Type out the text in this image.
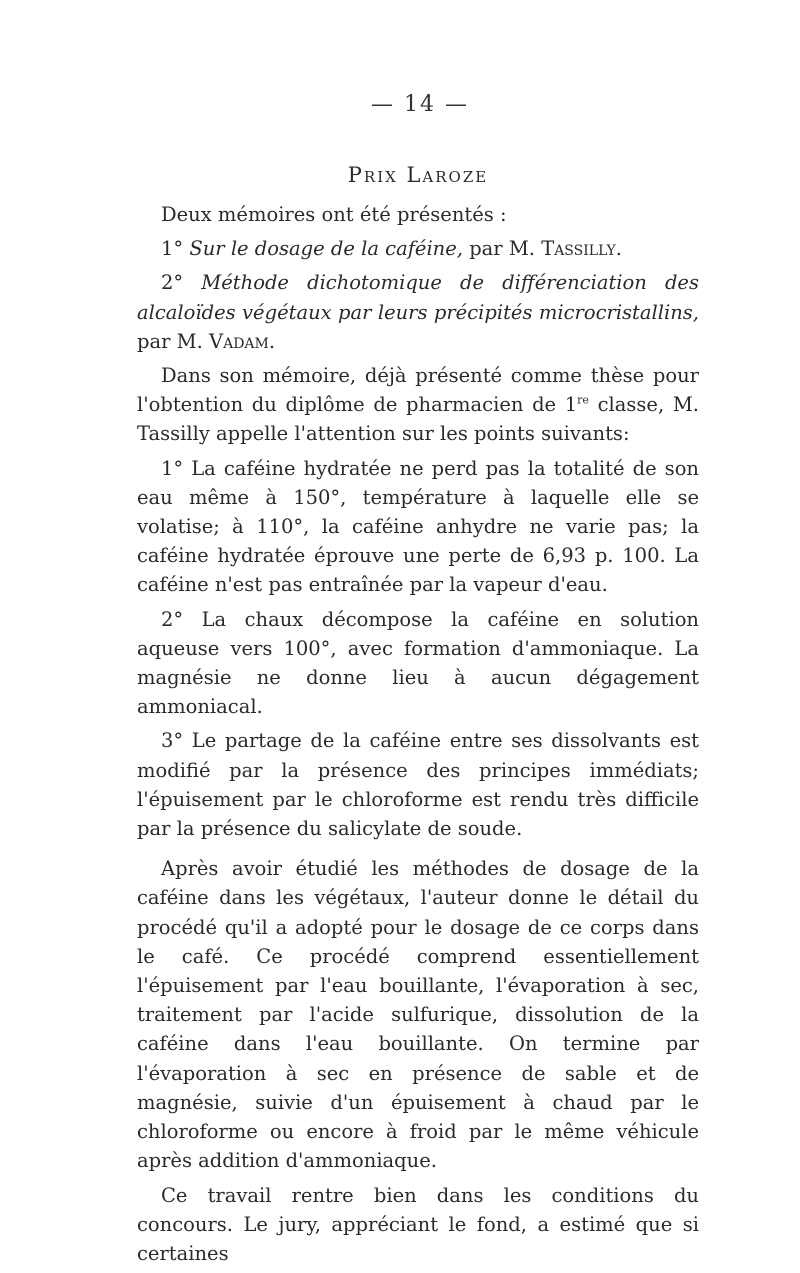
— 14 —
Prix Laroze

Deux mémoires ont été présentés :

1° Sur le dosage de la caféine, par M. Tassilly.

2° Méthode dichotomique de différenciation des alcaloïdes végétaux par leurs précipités microcristallins, par M. Vadam.

Dans son mémoire, déjà présenté comme thèse pour l'obtention du diplôme de pharmacien de 1re classe, M. Tassilly appelle l'attention sur les points suivants:

1° La caféine hydratée ne perd pas la totalité de son eau même à 150°, température à laquelle elle se volatise; à 110°, la caféine anhydre ne varie pas; la caféine hydratée éprouve une perte de 6,93 p. 100. La caféine n'est pas entraînée par la vapeur d'eau.

2° La chaux décompose la caféine en solution aqueuse vers 100°, avec formation d'ammoniaque. La magnésie ne donne lieu à aucun dégagement ammoniacal.

3° Le partage de la caféine entre ses dissolvants est modifié par la présence des principes immédiats; l'épuisement par le chloroforme est rendu très difficile par la présence du salicylate de soude.

Après avoir étudié les méthodes de dosage de la caféine dans les végétaux, l'auteur donne le détail du procédé qu'il a adopté pour le dosage de ce corps dans le café. Ce procédé comprend essentiellement l'épuisement par l'eau bouillante, l'évaporation à sec, traitement par l'acide sulfurique, dissolution de la caféine dans l'eau bouillante. On termine par l'évaporation à sec en présence de sable et de magnésie, suivie d'un épuisement à chaud par le chloroforme ou encore à froid par le même véhicule après addition d'ammoniaque.

Ce travail rentre bien dans les conditions du concours. Le jury, appréciant le fond, a estimé que si certaines
